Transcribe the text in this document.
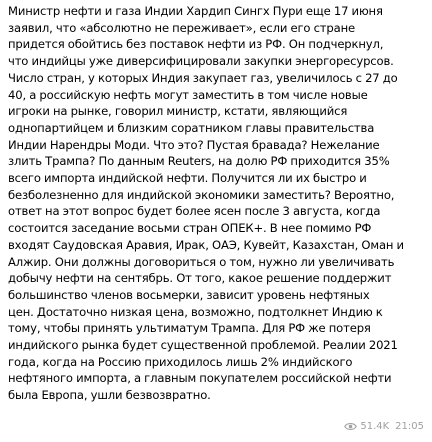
Министр нефти и газа Индии Хардип Сингх Пури еще 17 июня
заявил, что «абсолютно не переживает», если его стране
придется обойтись без поставок нефти из РФ. Он подчеркнул,
что индийцы уже диверсифицировали закупки энергоресурсов.
Число стран, у которых Индия закупает газ, увеличилось с 27 до
40, а российскую нефть могут заместить в том числе новые
игроки на рынке, говорил министр, кстати, являющийся
однопартийцем и близким соратником главы правительства
Индии Нарендры Моди. Что это? Пустая бравада? Нежелание
злить Трампа? По данным Reuters, на долю РФ приходится 35%
всего импорта индийской нефти. Получится ли их быстро и
безболезненно для индийской экономики заместить? Вероятно,
ответ на этот вопрос будет более ясен после 3 августа, когда
состоится заседание восьми стран ОПЕК+. В нее помимо РФ
входят Саудовская Аравия, Ирак, ОАЭ, Кувейт, Казахстан, Оман и
Алжир. Они должны договориться о том, нужно ли увеличивать
добычу нефти на сентябрь. От того, какое решение поддержит
большинство членов восьмерки, зависит уровень нефтяных
цен. Достаточно низкая цена, возможно, подтолкнет Индию к
тому, чтобы принять ультиматум Трампа. Для РФ же потеря
индийского рынка будет существенной проблемой. Реалии 2021
года, когда на Россию приходилось лишь 2% индийского
нефтяного импорта, а главным покупателем российской нефти
была Европа, ушли безвозвратно.

51.4K 21:05
